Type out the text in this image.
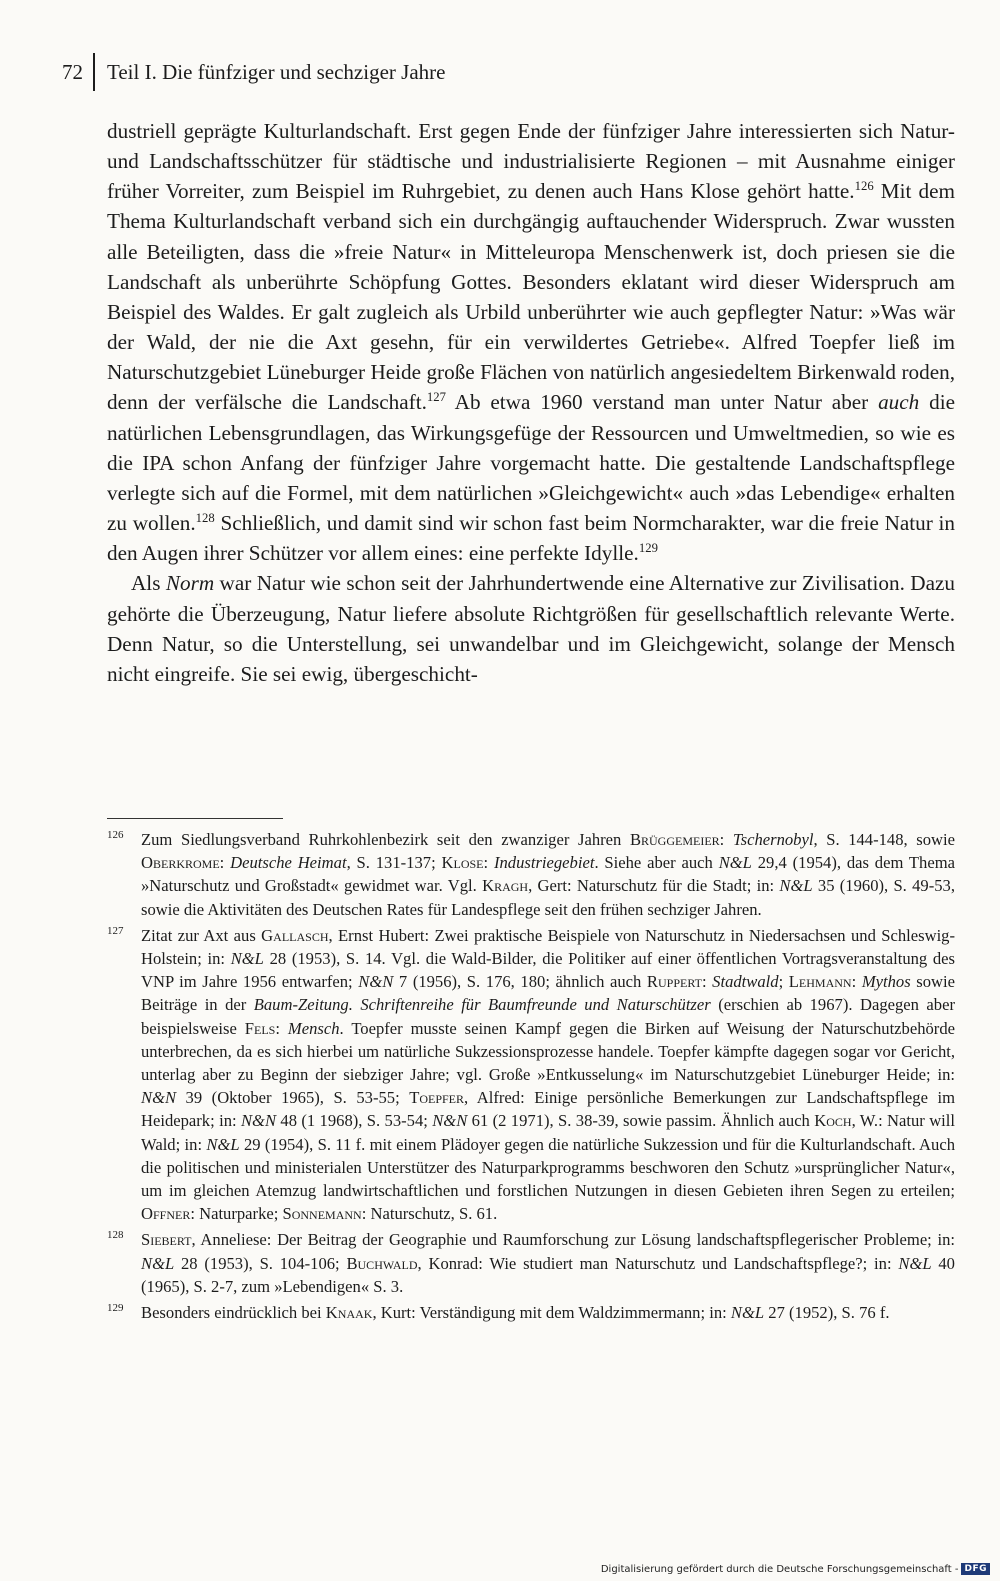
72 Teil I. Die fünfziger und sechziger Jahre

dustriell geprägte Kulturlandschaft. Erst gegen Ende der fünfziger Jahre interessierten sich Natur- und Landschaftsschützer für städtische und industrialisierte Regionen – mit Ausnahme einiger früher Vorreiter, zum Beispiel im Ruhrgebiet, zu denen auch Hans Klose gehört hatte.$^{126}$ Mit dem Thema Kulturlandschaft verband sich ein durchgängig auftauchender Widerspruch. Zwar wussten alle Beteiligten, dass die »freie Natur« in Mitteleuropa Menschenwerk ist, doch priesen sie die Landschaft als unberührte Schöpfung Gottes. Besonders eklatant wird dieser Widerspruch am Beispiel des Waldes. Er galt zugleich als Urbild unberührter wie auch gepflegter Natur: »Was wär der Wald, der nie die Axt gesehn, für ein verwildertes Getriebe«. Alfred Toepfer ließ im Naturschutzgebiet Lüneburger Heide große Flächen von natürlich angesiedeltem Birkenwald roden, denn der verfälsche die Landschaft.$^{127}$ Ab etwa 1960 verstand man unter Natur aber auch die natürlichen Lebensgrundlagen, das Wirkungsgefüge der Ressourcen und Umweltmedien, so wie es die IPA schon Anfang der fünfziger Jahre vorgemacht hatte. Die gestaltende Landschaftspflege verlegte sich auf die Formel, mit dem natürlichen »Gleichgewicht« auch »das Lebendige« erhalten zu wollen.$^{128}$ Schließlich, und damit sind wir schon fast beim Normcharakter, war die freie Natur in den Augen ihrer Schützer vor allem eines: eine perfekte Idylle.$^{129}$

Als Norm war Natur wie schon seit der Jahrhundertwende eine Alternative zur Zivilisation. Dazu gehörte die Überzeugung, Natur liefere absolute Richtgrößen für gesellschaftlich relevante Werte. Denn Natur, so die Unterstellung, sei unwandelbar und im Gleichgewicht, solange der Mensch nicht eingreife. Sie sei ewig, übergeschicht-

126 Zum Siedlungsverband Ruhrkohlenbezirk seit den zwanziger Jahren Brüggemeier: Tschernobyl, S. 144-148, sowie Oberkrome: Deutsche Heimat, S. 131-137; Klose: Industriegebiet. Siehe aber auch N&L 29,4 (1954), das dem Thema »Naturschutz und Großstadt« gewidmet war. Vgl. Kragh, Gert: Naturschutz für die Stadt; in: N&L 35 (1960), S. 49-53, sowie die Aktivitäten des Deutschen Rates für Landespflege seit den frühen sechziger Jahren.
127 Zitat zur Axt aus Gallasch, Ernst Hubert: Zwei praktische Beispiele von Naturschutz in Niedersachsen und Schleswig-Holstein; in: N&L 28 (1953), S. 14. Vgl. die Wald-Bilder, die Politiker auf einer öffentlichen Vortragsveranstaltung des VNP im Jahre 1956 entwarfen; N&N 7 (1956), S. 176, 180; ähnlich auch Ruppert: Stadtwald; Lehmann: Mythos sowie Beiträge in der Baum-Zeitung. Schriftenreihe für Baumfreunde und Naturschützer (erschien ab 1967). Dagegen aber beispielsweise Fels: Mensch. Toepfer musste seinen Kampf gegen die Birken auf Weisung der Naturschutzbehörde unterbrechen, da es sich hierbei um natürliche Sukzessionsprozesse handele. Toepfer kämpfte dagegen sogar vor Gericht, unterlag aber zu Beginn der siebziger Jahre; vgl. Große »Entkusselung« im Naturschutzgebiet Lüneburger Heide; in: N&N 39 (Oktober 1965), S. 53-55; Toepfer, Alfred: Einige persönliche Bemerkungen zur Landschaftspflege im Heidepark; in: N&N 48 (1 1968), S. 53-54; N&N 61 (2 1971), S. 38-39, sowie passim. Ähnlich auch Koch, W.: Natur will Wald; in: N&L 29 (1954), S. 11 f. mit einem Plädoyer gegen die natürliche Sukzession und für die Kulturlandschaft. Auch die politischen und ministerialen Unterstützer des Naturparkprogramms beschworen den Schutz »ursprünglicher Natur«, um im gleichen Atemzug landwirtschaftlichen und forstlichen Nutzungen in diesen Gebieten ihren Segen zu erteilen; Offner: Naturparke; Sonnemann: Naturschutz, S. 61.
128 Siebert, Anneliese: Der Beitrag der Geographie und Raumforschung zur Lösung landschaftspflegerischer Probleme; in: N&L 28 (1953), S. 104-106; Buchwald, Konrad: Wie studiert man Naturschutz und Landschaftspflege?; in: N&L 40 (1965), S. 2-7, zum »Lebendigen« S. 3.
129 Besonders eindrücklich bei Knaak, Kurt: Verständigung mit dem Waldzimmermann; in: N&L 27 (1952), S. 76 f.
Digitalisierung gefördert durch die Deutsche Forschungsgemeinschaft - DFG
